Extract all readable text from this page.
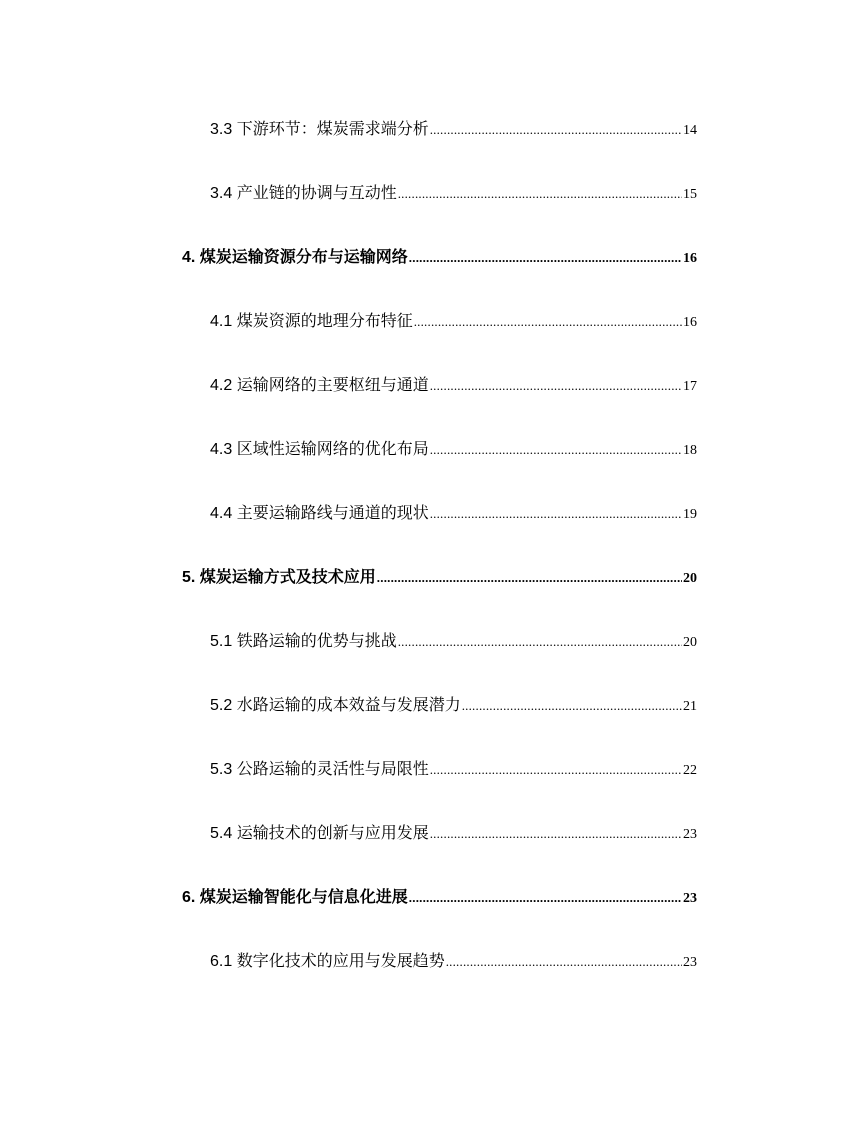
3.3 下游环节：煤炭需求端分析 .....	14
3.4 产业链的协调与互动性 .....	15
4. 煤炭运输资源分布与运输网络 .....	16
4.1 煤炭资源的地理分布特征 .....	16
4.2 运输网络的主要枢纽与通道 .....	17
4.3 区域性运输网络的优化布局 .....	18
4.4 主要运输路线与通道的现状 .....	19
5. 煤炭运输方式及技术应用 .....	20
5.1 铁路运输的优势与挑战 .....	20
5.2 水路运输的成本效益与发展潜力 .....	21
5.3 公路运输的灵活性与局限性 .....	22
5.4 运输技术的创新与应用发展 .....	23
6. 煤炭运输智能化与信息化进展 .....	23
6.1 数字化技术的应用与发展趋势 .....	23
